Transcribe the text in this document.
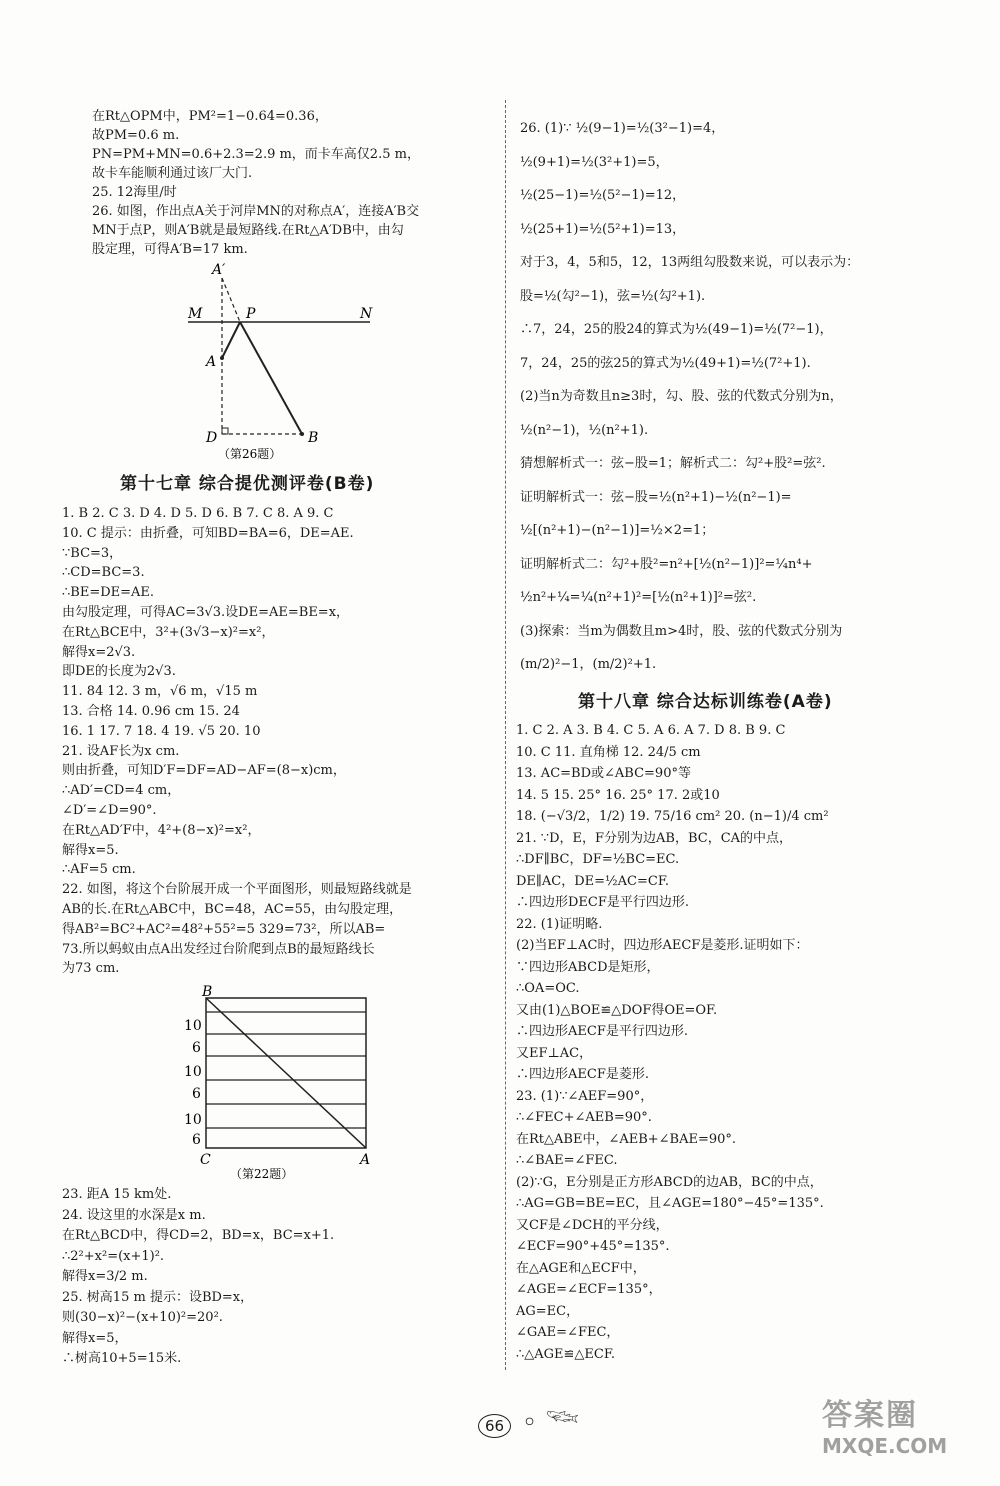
在Rt△OPM中，PM²=1−0.64=0.36，
故PM=0.6 m.
PN=PM+MN=0.6+2.3=2.9 m，而卡车高仅2.5 m，
故卡车能顺利通过该厂大门.
25. 12海里/时
26. 如图，作出点A关于河岸MN的对称点A′，连接A′B交
MN于点P，则A′B就是最短路线.在Rt△A′DB中，由勾
股定理，可得A′B=17 km.
A′
M	P	N
A
D	B
（第26题）
第十七章 综合提优测评卷(B卷)
1. B 2. C 3. D 4. D 5. D 6. B 7. C 8. A 9. C
10. C 提示：由折叠，可知BD=BA=6，DE=AE.
∵BC=3，
∴CD=BC=3.
∴BE=DE=AE.
由勾股定理，可得AC=3√3.设DE=AE=BE=x，
在Rt△BCE中，3²+(3√3−x)²=x²，
解得x=2√3.
即DE的长度为2√3.
11. 84 12. 3 m，√6 m，√15 m
13. 合格 14. 0.96 cm 15. 24
16. 1 17. 7 18. 4 19. √5 20. 10
21. 设AF长为x cm.
则由折叠，可知D′F=DF=AD−AF=(8−x)cm，
∴AD′=CD=4 cm，
∠D′=∠D=90°.
在Rt△AD′F中，4²+(8−x)²=x²，
解得x=5.
∴AF=5 cm.
22. 如图，将这个台阶展开成一个平面图形，则最短路线就是
AB的长.在Rt△ABC中，BC=48，AC=55，由勾股定理，
得AB²=BC²+AC²=48²+55²=5 329=73²，所以AB=
73.所以蚂蚁由点A出发经过台阶爬到点B的最短路线长
为73 cm.
B
10
6
10
6
10
6
C	A
（第22题）
23. 距A 15 km处.
24. 设这里的水深是x m.
在Rt△BCD中，得CD=2，BD=x，BC=x+1.
∴2²+x²=(x+1)².
解得x=3/2 m.
25. 树高15 m 提示：设BD=x，
则(30−x)²−(x+10)²=20².
解得x=5，
∴树高10+5=15米.
26. (1)∵ ½(9−1)=½(3²−1)=4，
½(9+1)=½(3²+1)=5，
½(25−1)=½(5²−1)=12，
½(25+1)=½(5²+1)=13，
对于3，4，5和5，12，13两组勾股数来说，可以表示为：
股=½(勾²−1)，弦=½(勾²+1).
∴7，24，25的股24的算式为½(49−1)=½(7²−1)，
7，24，25的弦25的算式为½(49+1)=½(7²+1).
(2)当n为奇数且n≥3时，勾、股、弦的代数式分别为n，
½(n²−1)，½(n²+1).
猜想解析式一：弦−股=1；解析式二：勾²+股²=弦².
证明解析式一：弦−股=½(n²+1)−½(n²−1)=
½[(n²+1)−(n²−1)]=½×2=1；
证明解析式二：勾²+股²=n²+[½(n²−1)]²=¼n⁴+
½n²+¼=¼(n²+1)²=[½(n²+1)]²=弦².
(3)探索：当m为偶数且m>4时，股、弦的代数式分别为
(m/2)²−1，(m/2)²+1.
第十八章 综合达标训练卷(A卷)
1. C 2. A 3. B 4. C 5. A 6. A 7. D 8. B 9. C
10. C 11. 直角梯 12. 24/5 cm
13. AC=BD或∠ABC=90°等
14. 5 15. 25° 16. 25° 17. 2或10
18. (−√3/2，1/2) 19. 75/16 cm² 20. (n−1)/4 cm²
21. ∵D，E，F分别为边AB，BC，CA的中点，
∴DF∥BC，DF=½BC=EC.
DE∥AC，DE=½AC=CF.
∴四边形DECF是平行四边形.
22. (1)证明略.
(2)当EF⊥AC时，四边形AECF是菱形.证明如下：
∵四边形ABCD是矩形，
∴OA=OC.
又由(1)△BOE≌△DOF得OE=OF.
∴四边形AECF是平行四边形.
又EF⊥AC，
∴四边形AECF是菱形.
23. (1)∵∠AEF=90°，
∴∠FEC+∠AEB=90°.
在Rt△ABE中，∠AEB+∠BAE=90°.
∴∠BAE=∠FEC.
(2)∵G，E分别是正方形ABCD的边AB，BC的中点，
∴AG=GB=BE=EC，且∠AGE=180°−45°=135°.
又CF是∠DCH的平分线，
∠ECF=90°+45°=135°.
在△AGE和△ECF中，
∠AGE=∠ECF=135°，
AG=EC，
∠GAE=∠FEC，
∴△AGE≌△ECF.
66 ◦ 𓆝	答案圈
MXQE.COM
